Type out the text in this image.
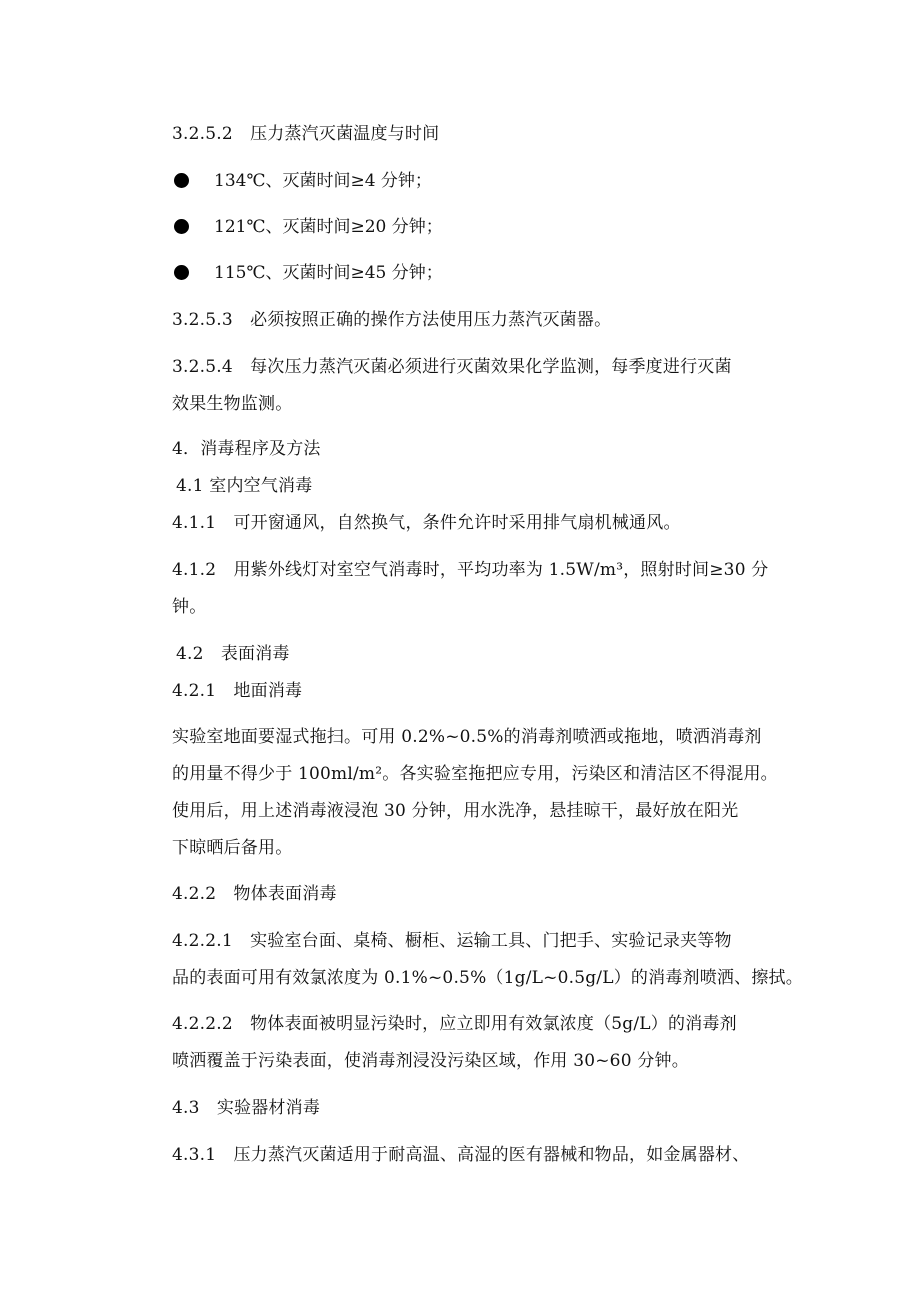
3.2.5.2　压力蒸汽灭菌温度与时间
134℃、灭菌时间≥4 分钟；
121℃、灭菌时间≥20 分钟；
115℃、灭菌时间≥45 分钟；
3.2.5.3　必须按照正确的操作方法使用压力蒸汽灭菌器。
3.2.5.4　每次压力蒸汽灭菌必须进行灭菌效果化学监测，每季度进行灭菌
效果生物监测。
4．消毒程序及方法
4.1 室内空气消毒
4.1.1　可开窗通风，自然换气，条件允许时采用排气扇机械通风。
4.1.2　用紫外线灯对室空气消毒时，平均功率为 1.5W/m³，照射时间≥30 分
钟。
4.2　表面消毒
4.2.1　地面消毒
实验室地面要湿式拖扫。可用 0.2%~0.5%的消毒剂喷洒或拖地，喷洒消毒剂
的用量不得少于 100ml/m²。各实验室拖把应专用，污染区和清洁区不得混用。
使用后，用上述消毒液浸泡 30 分钟，用水洗净，悬挂晾干，最好放在阳光
下晾晒后备用。
4.2.2　物体表面消毒
4.2.2.1　实验室台面、桌椅、橱柜、运输工具、门把手、实验记录夹等物
品的表面可用有效氯浓度为 0.1%~0.5%（1g/L~0.5g/L）的消毒剂喷洒、擦拭。
4.2.2.2　物体表面被明显污染时，应立即用有效氯浓度（5g/L）的消毒剂
喷洒覆盖于污染表面，使消毒剂浸没污染区域，作用 30~60 分钟。
4.3　实验器材消毒
4.3.1　压力蒸汽灭菌适用于耐高温、高湿的医有器械和物品，如金属器材、
